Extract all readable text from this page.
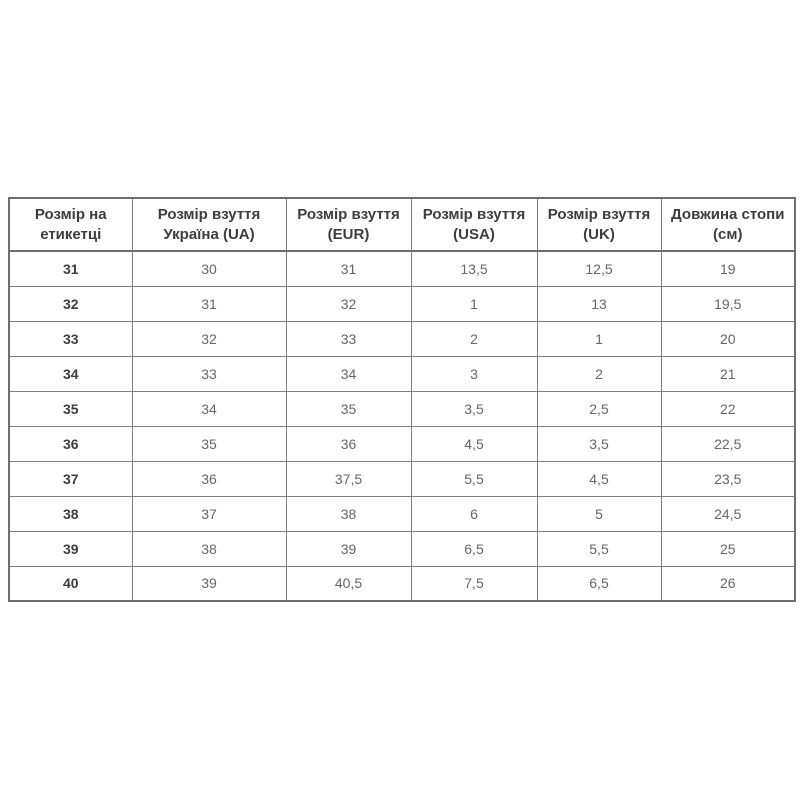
Розмір на етикетці	Розмір взуття Україна (UA)	Розмір взуття (EUR)	Розмір взуття (USA)	Розмір взуття (UK)	Довжина стопи (см)
31	30	31	13,5	12,5	19
32	31	32	1	13	19,5
33	32	33	2	1	20
34	33	34	3	2	21
35	34	35	3,5	2,5	22
36	35	36	4,5	3,5	22,5
37	36	37,5	5,5	4,5	23,5
38	37	38	6	5	24,5
39	38	39	6,5	5,5	25
40	39	40,5	7,5	6,5	26
